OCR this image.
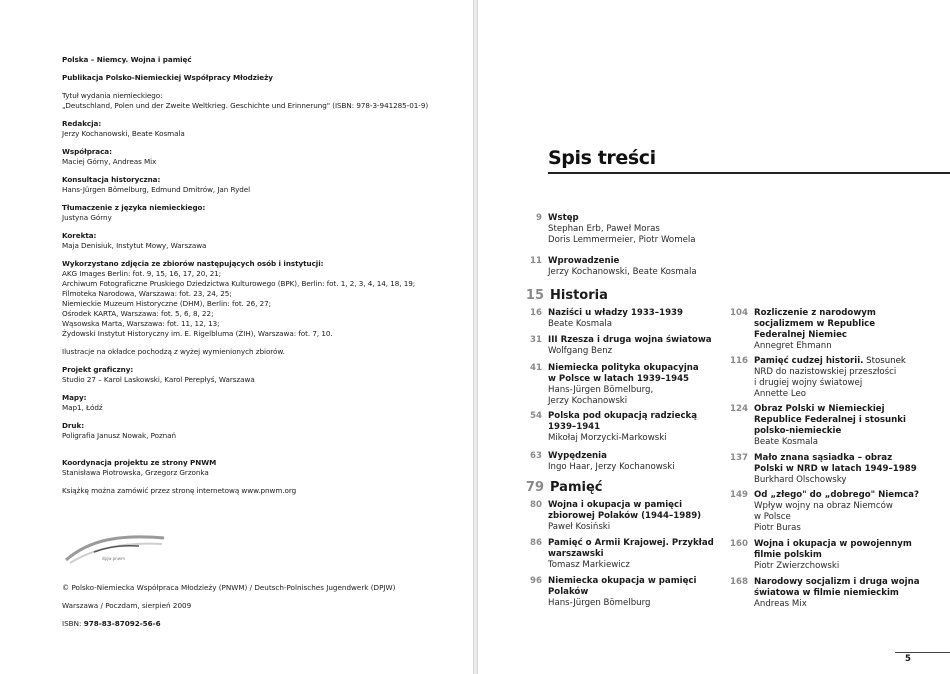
Polska – Niemcy. Wojna i pamięć
Publikacja Polsko-Niemieckiej Współpracy Młodzieży
Tytuł wydania niemieckiego:
„Deutschland, Polen und der Zweite Weltkrieg. Geschichte und Erinnerung" (ISBN: 978-3-941285-01-9)
Redakcja:
Jerzy Kochanowski, Beate Kosmala
Współpraca:
Maciej Górny, Andreas Mix
Konsultacja historyczna:
Hans-Jürgen Bömelburg, Edmund Dmitrów, Jan Rydel
Tłumaczenie z języka niemieckiego:
Justyna Górny
Korekta:
Maja Denisiuk, Instytut Mowy, Warszawa
Wykorzystano zdjęcia ze zbiorów następujących osób i instytucji:
AKG Images Berlin: fot. 9, 15, 16, 17, 20, 21;
Archiwum Fotograficzne Pruskiego Dziedzictwa Kulturowego (BPK), Berlin: fot. 1, 2, 3, 4, 14, 18, 19;
Filmoteka Narodowa, Warszawa: fot. 23, 24, 25;
Niemieckie Muzeum Historyczne (DHM), Berlin: fot. 26, 27;
Ośrodek KARTA, Warszawa: fot. 5, 6, 8, 22;
Wąsowska Marta, Warszawa: fot. 11, 12, 13;
Żydowski Instytut Historyczny im. E. Rigelbluma (ŻIH), Warszawa: fot. 7, 10.
Ilustracje na okładce pochodzą z wyżej wymienionych zbiorów.
Projekt graficzny:
Studio 27 – Karol Laskowski, Karol Perepłyś, Warszawa
Mapy:
Map1, Łódź
Druk:
Poligrafia Janusz Nowak, Poznań
Koordynacja projektu ze strony PNWM
Stanisława Piotrowska, Grzegorz Grzonka
Książkę można zamówić przez stronę internetową www.pnwm.org
dpjw pnwm
© Polsko-Niemiecka Współpraca Młodzieży (PNWM) / Deutsch-Polnisches Jugendwerk (DPJW)
Warszawa / Poczdam, sierpień 2009
ISBN: 978-83-87092-56-6
Spis treści
9 Wstęp
Stephan Erb, Paweł Moras
Doris Lemmermeier, Piotr Womela
11 Wprowadzenie
Jerzy Kochanowski, Beate Kosmala
15 Historia
16 Naziści u władzy 1933–1939
Beate Kosmala
31 III Rzesza i druga wojna światowa
Wolfgang Benz
41 Niemiecka polityka okupacyjna
w Polsce w latach 1939–1945
Hans-Jürgen Bömelburg,
Jerzy Kochanowski
54 Polska pod okupacją radziecką
1939–1941
Mikołaj Morzycki-Markowski
63 Wypędzenia
Ingo Haar, Jerzy Kochanowski
79 Pamięć
80 Wojna i okupacja w pamięci
zbiorowej Polaków (1944–1989)
Paweł Kosiński
86 Pamięć o Armii Krajowej. Przykład
warszawski
Tomasz Markiewicz
96 Niemiecka okupacja w pamięci
Polaków
Hans-Jürgen Bömelburg
104 Rozliczenie z narodowym
socjalizmem w Republice
Federalnej Niemiec
Annegret Ehmann
116 Pamięć cudzej historii. Stosunek
NRD do nazistowskiej przeszłości
i drugiej wojny światowej
Annette Leo
124 Obraz Polski w Niemieckiej
Republice Federalnej i stosunki
polsko-niemieckie
Beate Kosmala
137 Mało znana sąsiadka – obraz
Polski w NRD w latach 1949–1989
Burkhard Olschowsky
149 Od „złego" do „dobrego" Niemca?
Wpływ wojny na obraz Niemców
w Polsce
Piotr Buras
160 Wojna i okupacja w powojennym
filmie polskim
Piotr Zwierzchowski
168 Narodowy socjalizm i druga wojna
światowa w filmie niemieckim
Andreas Mix
5
